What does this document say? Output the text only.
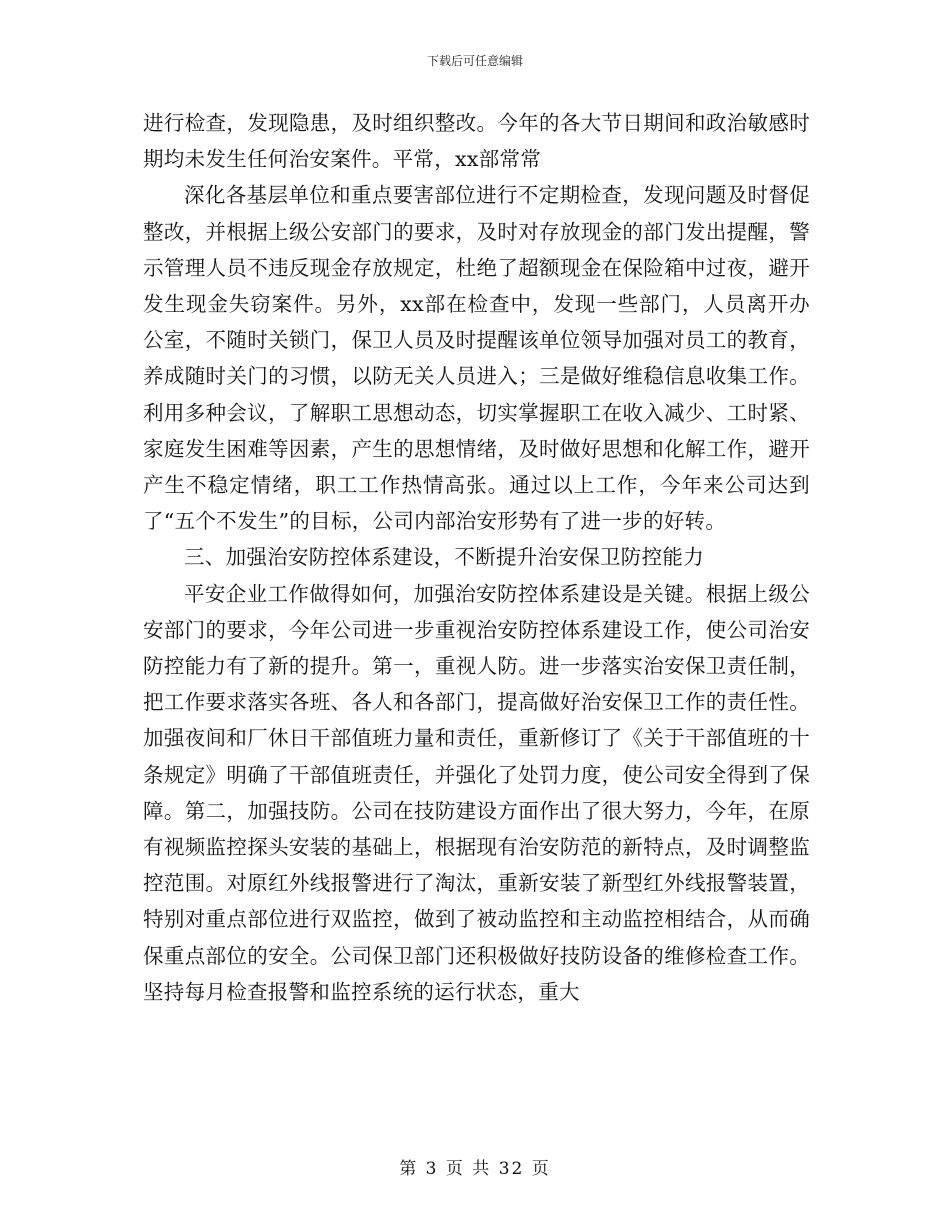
下载后可任意编辑

进行检查，发现隐患，及时组织整改。今年的各大节日期间和政治敏感时期均未发生任何治安案件。平常，xx部常常

深化各基层单位和重点要害部位进行不定期检查，发现问题及时督促整改，并根据上级公安部门的要求，及时对存放现金的部门发出提醒，警示管理人员不违反现金存放规定，杜绝了超额现金在保险箱中过夜，避开发生现金失窃案件。另外，xx部在检查中，发现一些部门，人员离开办公室，不随时关锁门，保卫人员及时提醒该单位领导加强对员工的教育，养成随时关门的习惯，以防无关人员进入；三是做好维稳信息收集工作。利用多种会议，了解职工思想动态，切实掌握职工在收入减少、工时紧、家庭发生困难等因素，产生的思想情绪，及时做好思想和化解工作，避开产生不稳定情绪，职工工作热情高张。通过以上工作，今年来公司达到了“五个不发生”的目标，公司内部治安形势有了进一步的好转。

三、加强治安防控体系建设，不断提升治安保卫防控能力

平安企业工作做得如何，加强治安防控体系建设是关键。根据上级公安部门的要求，今年公司进一步重视治安防控体系建设工作，使公司治安防控能力有了新的提升。第一，重视人防。进一步落实治安保卫责任制，把工作要求落实各班、各人和各部门，提高做好治安保卫工作的责任性。加强夜间和厂休日干部值班力量和责任，重新修订了《关于干部值班的十条规定》明确了干部值班责任，并强化了处罚力度，使公司安全得到了保障。第二，加强技防。公司在技防建设方面作出了很大努力，今年，在原有视频监控探头安装的基础上，根据现有治安防范的新特点，及时调整监控范围。对原红外线报警进行了淘汰，重新安装了新型红外线报警装置，特别对重点部位进行双监控，做到了被动监控和主动监控相结合，从而确保重点部位的安全。公司保卫部门还积极做好技防设备的维修检查工作。坚持每月检查报警和监控系统的运行状态，重大

第 3 页 共 32 页
